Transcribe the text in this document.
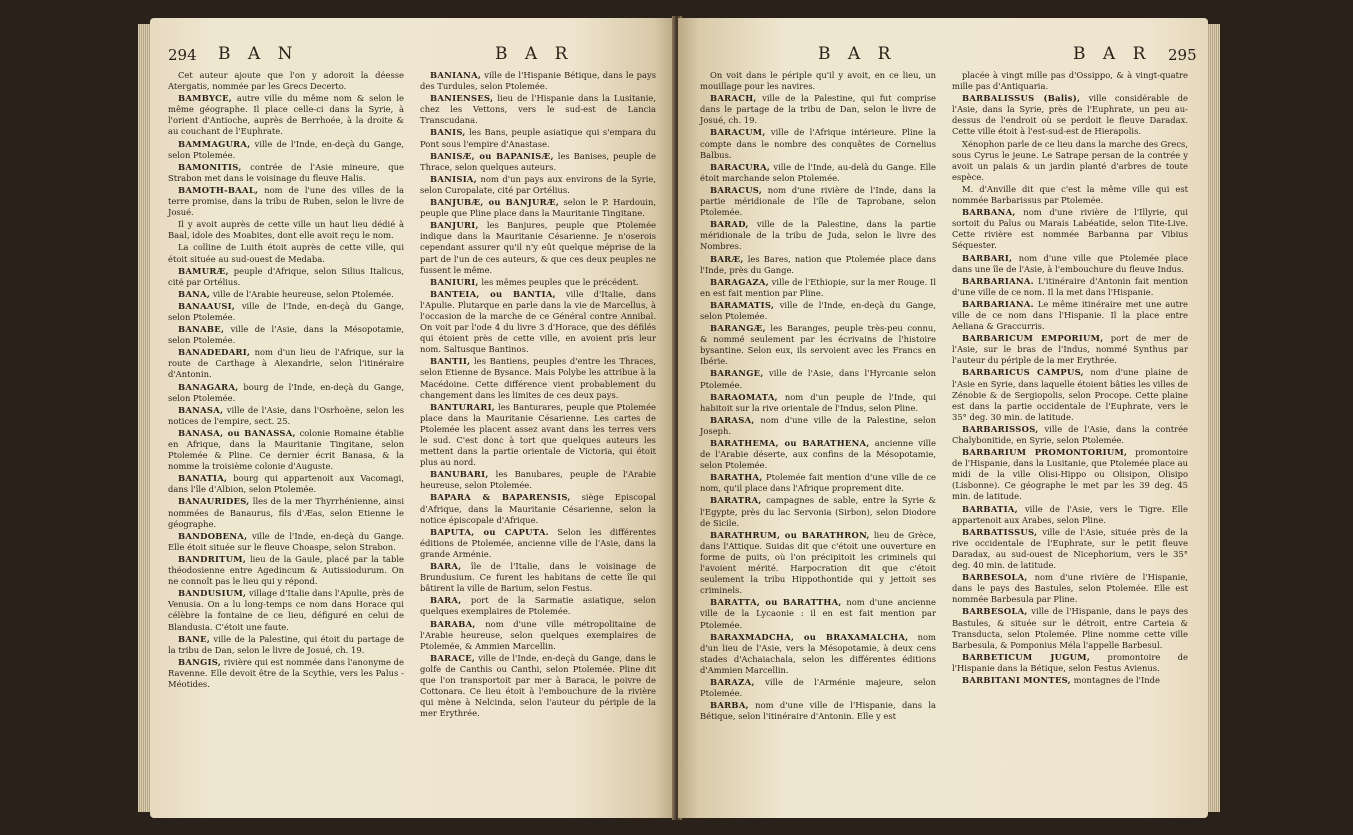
294 B A N	B A R

Cet auteur ajoute que l'on y adoroit la déesse Atergatis, nommée par les Grecs Decerto.

BAMBYCE, autre ville du même nom & selon le même géographe. Il place celle-ci dans la Syrie, à l'orient d'Antioche, auprès de Berrhoée, à la droite & au couchant de l'Euphrate.

BAMMAGURA, ville de l'Inde, en-deçà du Gange, selon Ptolemée.

BAMONITIS, contrée de l'Asie mineure, que Strabon met dans le voisinage du fleuve Halis.

BAMOTH-BAAL, nom de l'une des villes de la terre promise, dans la tribu de Ruben, selon le livre de Josué.

Il y avoit auprès de cette ville un haut lieu dédié à Baal, idole des Moabites, dont elle avoit reçu le nom.

La colline de Luith étoit auprès de cette ville, qui étoit située au sud-ouest de Medaba.

BAMURÆ, peuple d'Afrique, selon Silius Italicus, cité par Ortélius.

BANA, ville de l'Arabie heureuse, selon Ptolemée.

BANAAUSI, ville de l'Inde, en-deçà du Gange, selon Ptolemée.

BANABE, ville de l'Asie, dans la Mésopotamie, selon Ptolemée.

BANADEDARI, nom d'un lieu de l'Afrique, sur la route de Carthage à Alexandrie, selon l'itinéraire d'Antonin.

BANAGARA, bourg de l'Inde, en-deçà du Gange, selon Ptolemée.

BANASA, ville de l'Asie, dans l'Osrhoène, selon les notices de l'empire, sect. 25.

BANASA, ou BANASSA, colonie Romaine établie en Afrique, dans la Mauritanie Tingitane, selon Ptolemée & Pline. Ce dernier écrit Banasa, & la nomme la troisième colonie d'Auguste.

BANATIA, bourg qui appartenoit aux Vacomagi, dans l'île d'Albion, selon Ptolemée.

BANAURIDES, îles de la mer Thyrrhénienne, ainsi nommées de Banaurus, fils d'Æas, selon Etienne le géographe.

BANDOBENA, ville de l'Inde, en-deçà du Gange. Elle étoit située sur le fleuve Choaspe, selon Strabon.

BANDRITUM, lieu de la Gaule, placé par la table théodosienne entre Agedincum & Autissiodurum. On ne connoît pas le lieu qui y répond.

BANDUSIUM, village d'Italie dans l'Apulie, près de Venusia. On a lu long-temps ce nom dans Horace qui célèbre la fontaine de ce lieu, défiguré en celui de Blandusia. C'étoit une faute.

BANE, ville de la Palestine, qui étoit du partage de la tribu de Dan, selon le livre de Josué, ch. 19.

BANGIS, rivière qui est nommée dans l'anonyme de Ravenne. Elle devoit être de la Scythie, vers les Palus - Méotides.

BANIANA, ville de l'Hispanie Bétique, dans le pays des Turdules, selon Ptolemée.

BANIENSES, lieu de l'Hispanie dans la Lusitanie, chez les Vettons, vers le sud-est de Lancia Transcudana.

BANIS, les Bans, peuple asiatique qui s'empara du Pont sous l'empire d'Anastase.

BANISÆ, ou BAPANISÆ, les Banises, peuple de Thrace, selon quelques auteurs.

BANISIA, nom d'un pays aux environs de la Syrie, selon Curopalate, cité par Ortélius.

BANJUBÆ, ou BANJURÆ, selon le P. Hardouin, peuple que Pline place dans la Mauritanie Tingitane.

BANJURI, les Banjures, peuple que Ptolemée indique dans la Mauritanie Césarienne. Je n'oserois cependant assurer qu'il n'y eût quelque méprise de la part de l'un de ces auteurs, & que ces deux peuples ne fussent le même.

BANIURI, les mêmes peuples que le précédent.

BANTEIA, ou BANTIA, ville d'Italie, dans l'Apulie. Plutarque en parle dans la vie de Marcellus, à l'occasion de la marche de ce Général contre Annibal. On voit par l'ode 4 du livre 3 d'Horace, que des défilés qui étoient près de cette ville, en avoient pris leur nom. Saltusque Bantinos.

BANTII, les Bantiens, peuples d'entre les Thraces, selon Etienne de Bysance. Mais Polybe les attribue à la Macédoine. Cette différence vient probablement du changement dans les limites de ces deux pays.

BANTURARI, les Banturares, peuple que Ptolemée place dans la Mauritanie Césarienne. Les cartes de Ptolemée les placent assez avant dans les terres vers le sud. C'est donc à tort que quelques auteurs les mettent dans la partie orientale de Victoria, qui étoit plus au nord.

BANUBARI, les Banubares, peuple de l'Arabie heureuse, selon Ptolemée.

BAPARA & BAPARENSIS, siège Episcopal d'Afrique, dans la Mauritanie Césarienne, selon la notice épiscopale d'Afrique.

BAPUTA, ou CAPUTA. Selon les différentes éditions de Ptolemée, ancienne ville de l'Asie, dans la grande Arménie.

BARA, île de l'Italie, dans le voisinage de Brundusium. Ce furent les habitans de cette île qui bâtirent la ville de Barium, selon Festus.

BARA, port de la Sarmatie asiatique, selon quelques exemplaires de Ptolemée.

BARABA, nom d'une ville métropolitaine de l'Arabie heureuse, selon quelques exemplaires de Ptolemée, & Ammien Marcellin.

BARACE, ville de l'Inde, en-deçà du Gange, dans le golfe de Canthis ou Canthi, selon Ptolemée. Pline dit que l'on transportoit par mer à Baraca, le poivre de Cottonara. Ce lieu étoit à l'embouchure de la rivière qui mène à Nelcinda, selon l'auteur du périple de la mer Erythrée.

B A R	B A R 295

On voit dans le périple qu'il y avoit, en ce lieu, un mouillage pour les navires.

BARACH, ville de la Palestine, qui fut comprise dans le partage de la tribu de Dan, selon le livre de Josué, ch. 19.

BARACUM, ville de l'Afrique intérieure. Pline la compte dans le nombre des conquêtes de Cornelius Balbus.

BARACURA, ville de l'Inde, au-delà du Gange. Elle étoit marchande selon Ptolemée.

BARACUS, nom d'une rivière de l'Inde, dans la partie méridionale de l'île de Taprobane, selon Ptolemée.

BARAD, ville de la Palestine, dans la partie méridionale de la tribu de Juda, selon le livre des Nombres.

BARÆ, les Bares, nation que Ptolemée place dans l'Inde, près du Gange.

BARAGAZA, ville de l'Ethiopie, sur la mer Rouge. Il en est fait mention par Pline.

BARAMATIS, ville de l'Inde, en-deçà du Gange, selon Ptolemée.

BARANGÆ, les Baranges, peuple très-peu connu, & nommé seulement par les écrivains de l'histoire bysantine. Selon eux, ils servoient avec les Francs en Ibérie.

BARANGE, ville de l'Asie, dans l'Hyrcanie selon Ptolemée.

BARAOMATA, nom d'un peuple de l'Inde, qui habitoit sur la rive orientale de l'Indus, selon Pline.

BARASA, nom d'une ville de la Palestine, selon Joseph.

BARATHEMA, ou BARATHENA, ancienne ville de l'Arabie déserte, aux confins de la Mésopotamie, selon Ptolemée.

BARATHA, Ptolemée fait mention d'une ville de ce nom, qu'il place dans l'Afrique proprement dite.

BARATRA, campagnes de sable, entre la Syrie & l'Egypte, près du lac Servonia (Sirbon), selon Diodore de Sicile.

BARATHRUM, ou BARATHRON, lieu de Grèce, dans l'Attique. Suidas dit que c'étoit une ouverture en forme de puits, où l'on précipitoit les criminels qui l'avoient mérité. Harpocration dit que c'étoit seulement la tribu Hippothontide qui y jettoit ses criminels.

BARATTA, ou BARATTHA, nom d'une ancienne ville de la Lycaonie : il en est fait mention par Ptolemée.

BARAXMADCHA, ou BRAXAMALCHA, nom d'un lieu de l'Asie, vers la Mésopotamie, à deux cens stades d'Achaiachala, selon les différentes éditions d'Ammien Marcellin.

BARAZA, ville de l'Arménie majeure, selon Ptolemée.

BARBA, nom d'une ville de l'Hispanie, dans la Bétique, selon l'itinéraire d'Antonin. Elle y est

placée à vingt mille pas d'Ossippo, & à vingt-quatre mille pas d'Antiquaria.

BARBALISSUS (Balis), ville considérable de l'Asie, dans la Syrie, près de l'Euphrate, un peu au-dessus de l'endroit où se perdoit le fleuve Daradax. Cette ville étoit à l'est-sud-est de Hierapolis.

Xénophon parle de ce lieu dans la marche des Grecs, sous Cyrus le jeune. Le Satrape persan de la contrée y avoit un palais & un jardin planté d'arbres de toute espèce.

M. d'Anville dit que c'est la même ville qui est nommée Barbarissus par Ptolemée.

BARBANA, nom d'une rivière de l'Illyrie, qui sortoit du Palus ou Marais Labéatide, selon Tite-Live. Cette rivière est nommée Barbanna par Vibius Séquester.

BARBARI, nom d'une ville que Ptolemée place dans une île de l'Asie, à l'embouchure du fleuve Indus.

BARBARIANA. L'itinéraire d'Antonin fait mention d'une ville de ce nom. Il la met dans l'Hispanie.

BARBARIANA. Le même itinéraire met une autre ville de ce nom dans l'Hispanie. Il la place entre Aeliana & Graccurris.

BARBARICUM EMPORIUM, port de mer de l'Asie, sur le bras de l'Indus, nommé Synthus par l'auteur du périple de la mer Erythrée.

BARBARICUS CAMPUS, nom d'une plaine de l'Asie en Syrie, dans laquelle étoient bâties les villes de Zénobie & de Sergiopolis, selon Procope. Cette plaine est dans la partie occidentale de l'Euphrate, vers le 35° deg. 30 min. de latitude.

BARBARISSOS, ville de l'Asie, dans la contrée Chalybonitide, en Syrie, selon Ptolemée.

BARBARIUM PROMONTORIUM, promontoire de l'Hispanie, dans la Lusitanie, que Ptolemée place au midi de la ville Olisi-Hippo ou Olisipon, Olisipo (Lisbonne). Ce géographe le met par les 39 deg. 45 min. de latitude.

BARBATIA, ville de l'Asie, vers le Tigre. Elle appartenoit aux Arabes, selon Pline.

BARBATISSUS, ville de l'Asie, située près de la rive occidentale de l'Euphrate, sur le petit fleuve Daradax, au sud-ouest de Nicephorium, vers le 35° deg. 40 min. de latitude.

BARBESOLA, nom d'une rivière de l'Hispanie, dans le pays des Bastules, selon Ptolemée. Elle est nommée Barbesula par Pline.

BARBESOLA, ville de l'Hispanie, dans le pays des Bastules, & située sur le détroit, entre Carteia & Transducta, selon Ptolemée. Pline nomme cette ville Barbesula, & Pomponius Méla l'appelle Barbesul.

BARBETICUM JUGUM, promontoire de l'Hispanie dans la Bétique, selon Festus Avienus.

BARBITANI MONTES, montagnes de l'Inde
